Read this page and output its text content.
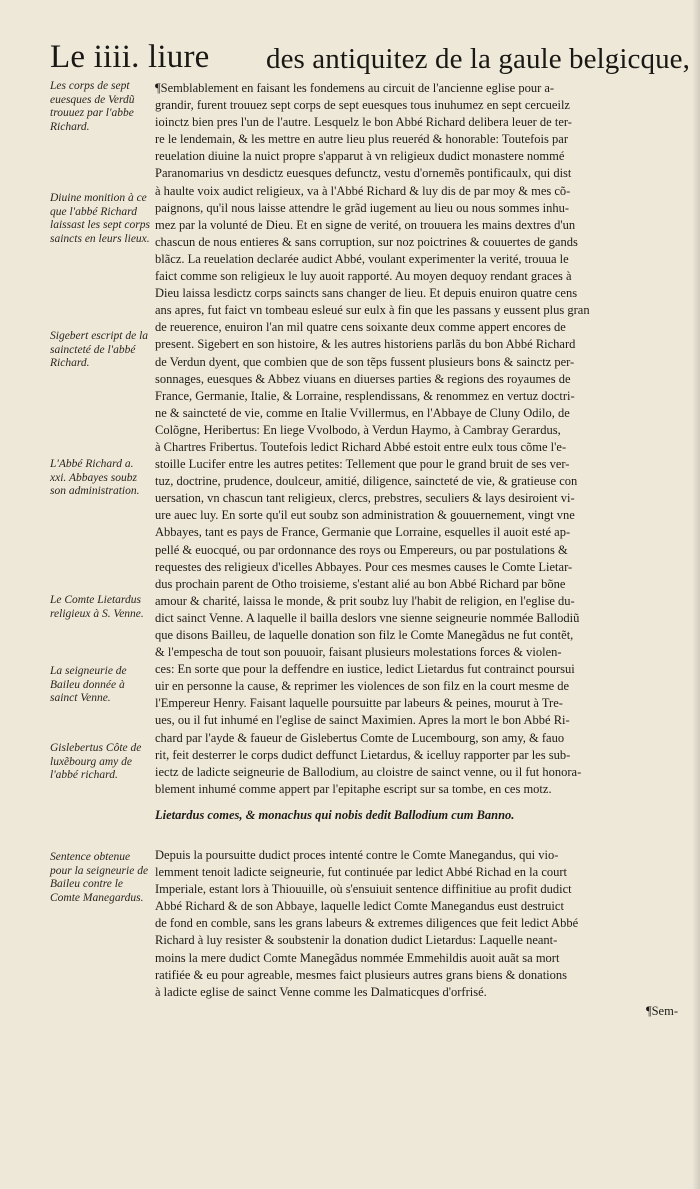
Le iiii. liure des antiquitez de la gaule belgicque,
Les corps de sept euesques de Verdũ trouuez par l'abbe Richard.
Diuine monition à ce que l'abbé Richard laissast les sept corps saincts en leurs lieux.
Sigebert escript de la saincteté de l'abbé Richard.
L'Abbé Richard a. xxi. Abbayes soubz son administration.
Le Comte Lietardus religieux à S. Venne.
La seigneurie de Baileu donnée à sainct Venne.
Gislebertus Côte de luxẽbourg amy de l'abbé richard.
Sentence obtenue pour la seigneurie de Baileu contre le Comte Manegardus.
¶Semblablement en faisant les fondemens au circuit de l'ancienne eglise pour a-
grandir, furent trouuez sept corps de sept euesques tous inuhumez en sept cercueilz
ioinctz bien pres l'un de l'autre. Lesquelz le bon Abbé Richard delibera leuer de ter-
re le lendemain, & les mettre en autre lieu plus reueréd & honorable: Toutefois par
reuelation diuine la nuict propre s'apparut à vn religieux dudict monastere nommé
Paranomarius vn desdictz euesques defunctz, vestu d'ornemẽs pontificaulx, qui dist
à haulte voix audict religieux, va à l'Abbé Richard & luy dis de par moy & mes cõ-
paignons, qu'il nous laisse attendre le grãd iugement au lieu ou nous sommes inhu-
mez par la volunté de Dieu. Et en signe de verité, on trouuera les mains dextres d'un
chascun de nous entieres & sans corruption, sur noz poictrines & couuertes de gands
blãcz. La reuelation declarée audict Abbé, voulant experimenter la verité, trouua le
faict comme son religieux le luy auoit rapporté. Au moyen dequoy rendant graces à
Dieu laissa lesdictz corps saincts sans changer de lieu. Et depuis enuiron quatre cens
ans apres, fut faict vn tombeau esleué sur eulx à fin que les passans y eussent plus gran
de reuerence, enuiron l'an mil quatre cens soixante deux comme appert encores de
present. Sigebert en son histoire, & les autres historiens parlãs du bon Abbé Richard
de Verdun dyent, que combien que de son tẽps fussent plusieurs bons & sainctz per-
sonnages, euesques & Abbez viuans en diuerses parties & regions des royaumes de
France, Germanie, Italie, & Lorraine, resplendissans, & renommez en vertuz doctri-
ne & saincteté de vie, comme en Italie Vvillermus, en l'Abbaye de Cluny Odilo, de
Colõgne, Heribertus: En liege Vvolbodo, à Verdun Haymo, à Cambray Gerardus,
à Chartres Fribertus. Toutefois ledict Richard Abbé estoit entre eulx tous cõme l'e-
stoille Lucifer entre les autres petites: Tellement que pour le grand bruit de ses ver-
tuz, doctrine, prudence, doulceur, amitié, diligence, saincteté de vie, & gratieuse con
uersation, vn chascun tant religieux, clercs, prebstres, seculiers & lays desiroient vi-
ure auec luy. En sorte qu'il eut soubz son administration & gouuernement, vingt vne
Abbayes, tant es pays de France, Germanie que Lorraine, esquelles il auoit esté ap-
pellé & euocqué, ou par ordonnance des roys ou Empereurs, ou par postulations &
requestes des religieux d'icelles Abbayes. Pour ces mesmes causes le Comte Lietar-
dus prochain parent de Otho troisieme, s'estant alié au bon Abbé Richard par bõne
amour & charité, laissa le monde, & prit soubz luy l'habit de religion, en l'eglise du-
dict sainct Venne. A laquelle il bailla deslors vne sienne seigneurie nommée Ballodiũ
que disons Bailleu, de laquelle donation son filz le Comte Manegãdus ne fut contẽt,
& l'empescha de tout son pouuoir, faisant plusieurs molestations forces & violen-
ces: En sorte que pour la deffendre en iustice, ledict Lietardus fut contrainct poursui
uir en personne la cause, & reprimer les violences de son filz en la court mesme de
l'Empereur Henry. Faisant laquelle poursuitte par labeurs & peines, mourut à Tre-
ues, ou il fut inhumé en l'eglise de sainct Maximien. Apres la mort le bon Abbé Ri-
chard par l'ayde & faueur de Gislebertus Comte de Lucembourg, son amy, & fauo
rit, feit desterrer le corps dudict deffunct Lietardus, & icelluy rapporter par les sub-
iectz de ladicte seigneurie de Ballodium, au cloistre de sainct venne, ou il fut honora-
blement inhumé comme appert par l'epitaphe escript sur sa tombe, en ces motz.
Lietardus comes, & monachus qui nobis dedit Ballodium cum Banno.
Depuis la poursuitte dudict proces intenté contre le Comte Manegandus, qui vio-
lemment tenoit ladicte seigneurie, fut continuée par ledict Abbé Richad en la court
Imperiale, estant lors à Thiouuille, où s'ensuiuit sentence diffinitiue au profit dudict
Abbé Richard & de son Abbaye, laquelle ledict Comte Manegandus eust destruict
de fond en comble, sans les grans labeurs & extremes diligences que feit ledict Abbé
Richard à luy resister & soubstenir la donation dudict Lietardus: Laquelle neant-
moins la mere dudict Comte Manegãdus nommée Emmehildis auoit auãt sa mort
ratifiée & eu pour agreable, mesmes faict plusieurs autres grans biens & donations
à ladicte eglise de sainct Venne comme les Dalmaticques d'orfrisé.
¶Sem-
